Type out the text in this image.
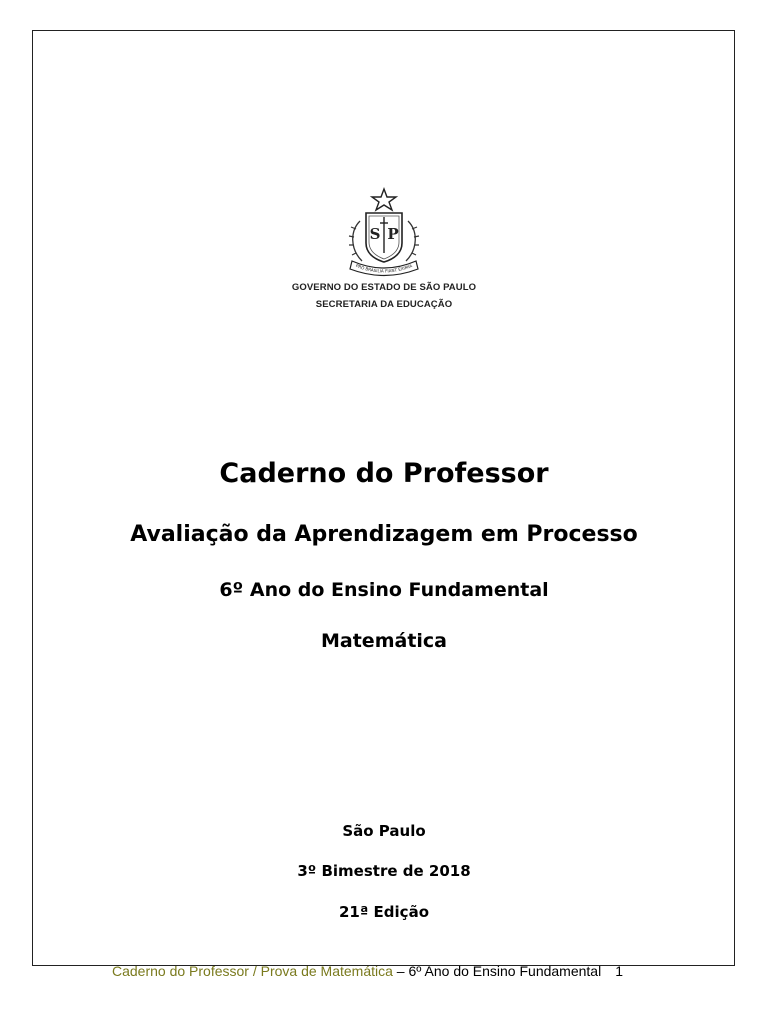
S P
PRO BRASILIA FIANT EXIMIA
GOVERNO DO ESTADO DE SÃO PAULO
SECRETARIA DA EDUCAÇÃO
Caderno do Professor
Avaliação da Aprendizagem em Processo
6º Ano do Ensino Fundamental
Matemática
São Paulo
3º Bimestre de 2018
21ª Edição
Caderno do Professor / Prova de Matemática – 6º Ano do Ensino Fundamental 1
